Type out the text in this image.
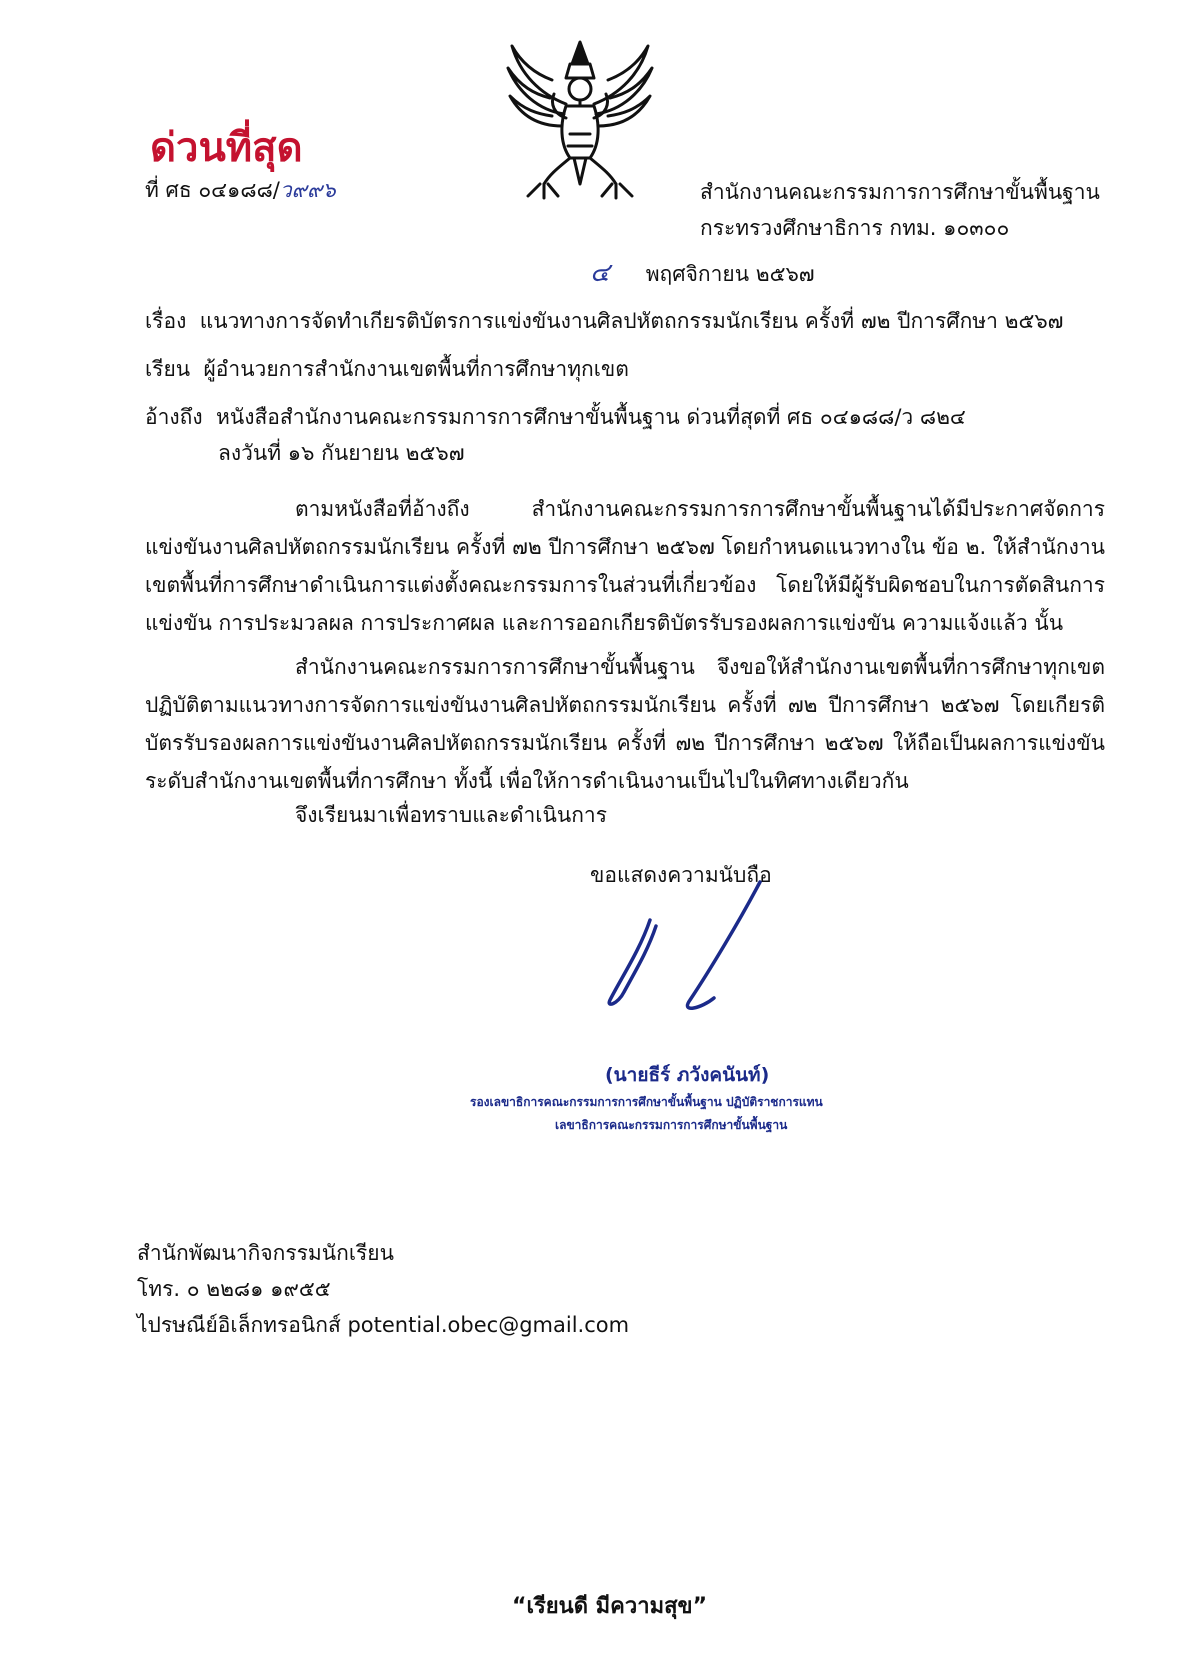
ด่วนที่สุด
ที่ ศธ ๐๔๑๘๘/ว๙๙๖	สำนักงานคณะกรรมการการศึกษาขั้นพื้นฐาน
กระทรวงศึกษาธิการ กทม. ๑๐๓๐๐
๔ พฤศจิกายน ๒๕๖๗
เรื่อง แนวทางการจัดทำเกียรติบัตรการแข่งขันงานศิลปหัตถกรรมนักเรียน ครั้งที่ ๗๒ ปีการศึกษา ๒๕๖๗
เรียน ผู้อำนวยการสำนักงานเขตพื้นที่การศึกษาทุกเขต
อ้างถึง หนังสือสำนักงานคณะกรรมการการศึกษาขั้นพื้นฐาน ด่วนที่สุดที่ ศธ ๐๔๑๘๘/ว ๘๒๔
ลงวันที่ ๑๖ กันยายน ๒๕๖๗
ตามหนังสือที่อ้างถึง สำนักงานคณะกรรมการการศึกษาขั้นพื้นฐานได้มีประกาศจัดการแข่งขันงานศิลปหัตถกรรมนักเรียน ครั้งที่ ๗๒ ปีการศึกษา ๒๕๖๗ โดยกำหนดแนวทางใน ข้อ ๒. ให้สำนักงานเขตพื้นที่การศึกษาดำเนินการแต่งตั้งคณะกรรมการในส่วนที่เกี่ยวข้อง โดยให้มีผู้รับผิดชอบในการตัดสินการแข่งขัน การประมวลผล การประกาศผล และการออกเกียรติบัตรรับรองผลการแข่งขัน ความแจ้งแล้ว นั้น
สำนักงานคณะกรรมการการศึกษาขั้นพื้นฐาน จึงขอให้สำนักงานเขตพื้นที่การศึกษาทุกเขตปฏิบัติตามแนวทางการจัดการแข่งขันงานศิลปหัตถกรรมนักเรียน ครั้งที่ ๗๒ ปีการศึกษา ๒๕๖๗ โดยเกียรติบัตรรับรองผลการแข่งขันงานศิลปหัตถกรรมนักเรียน ครั้งที่ ๗๒ ปีการศึกษา ๒๕๖๗ ให้ถือเป็นผลการแข่งขันระดับสำนักงานเขตพื้นที่การศึกษา ทั้งนี้ เพื่อให้การดำเนินงานเป็นไปในทิศทางเดียวกัน
จึงเรียนมาเพื่อทราบและดำเนินการ
ขอแสดงความนับถือ
(นายธีร์ ภวังคนันท์)
รองเลขาธิการคณะกรรมการการศึกษาขั้นพื้นฐาน ปฏิบัติราชการแทน
เลขาธิการคณะกรรมการการศึกษาขั้นพื้นฐาน
สำนักพัฒนากิจกรรมนักเรียน
โทร. ๐ ๒๒๘๑ ๑๙๕๕
ไปรษณีย์อิเล็กทรอนิกส์ potential.obec@gmail.com
“เรียนดี มีความสุข”
